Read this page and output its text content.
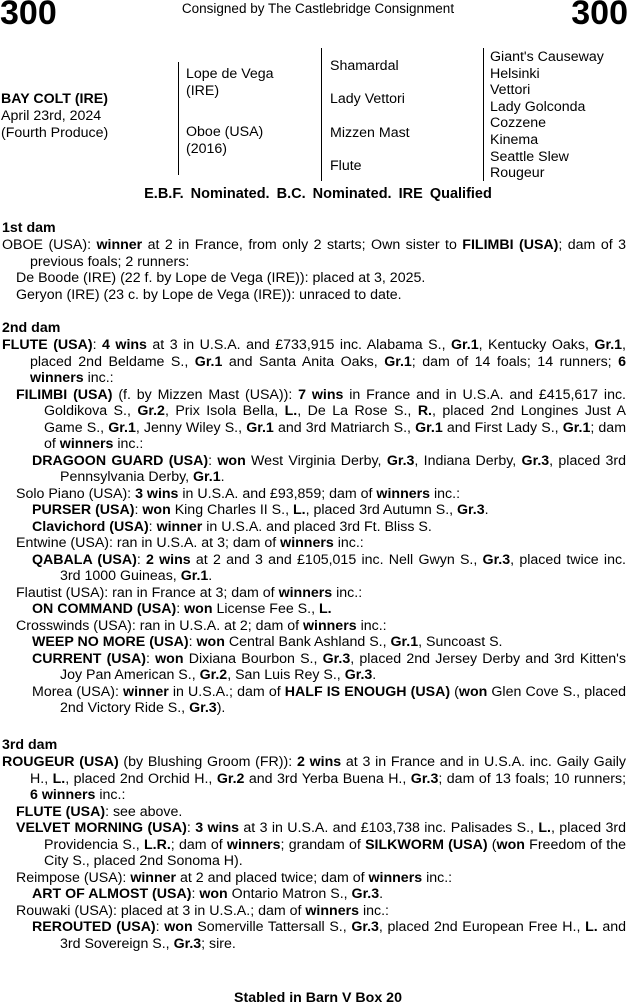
300	Consigned by The Castlebridge Consignment	300
BAY COLT (IRE)
April 23rd, 2024
(Fourth Produce)
Lope de Vega
(IRE)
Oboe (USA)
(2016)
Shamardal
Lady Vettori
Mizzen Mast
Flute
Giant's Causeway
Helsinki
Vettori
Lady Golconda
Cozzene
Kinema
Seattle Slew
Rougeur
E.B.F. Nominated. B.C. Nominated. IRE Qualified
1st dam

OBOE (USA): winner at 2 in France, from only 2 starts; Own sister to FILIMBI (USA); dam of 3 previous foals; 2 runners:

De Boode (IRE) (22 f. by Lope de Vega (IRE)): placed at 3, 2025.

Geryon (IRE) (23 c. by Lope de Vega (IRE)): unraced to date.

2nd dam

FLUTE (USA): 4 wins at 3 in U.S.A. and £733,915 inc. Alabama S., Gr.1, Kentucky Oaks, Gr.1, placed 2nd Beldame S., Gr.1 and Santa Anita Oaks, Gr.1; dam of 14 foals; 14 runners; 6 winners inc.:

FILIMBI (USA) (f. by Mizzen Mast (USA)): 7 wins in France and in U.S.A. and £415,617 inc. Goldikova S., Gr.2, Prix Isola Bella, L., De La Rose S., R., placed 2nd Longines Just A Game S., Gr.1, Jenny Wiley S., Gr.1 and 3rd Matriarch S., Gr.1 and First Lady S., Gr.1; dam of winners inc.:

DRAGOON GUARD (USA): won West Virginia Derby, Gr.3, Indiana Derby, Gr.3, placed 3rd Pennsylvania Derby, Gr.1.

Solo Piano (USA): 3 wins in U.S.A. and £93,859; dam of winners inc.:

PURSER (USA): won King Charles II S., L., placed 3rd Autumn S., Gr.3.

Clavichord (USA): winner in U.S.A. and placed 3rd Ft. Bliss S.

Entwine (USA): ran in U.S.A. at 3; dam of winners inc.:

QABALA (USA): 2 wins at 2 and 3 and £105,015 inc. Nell Gwyn S., Gr.3, placed twice inc. 3rd 1000 Guineas, Gr.1.

Flautist (USA): ran in France at 3; dam of winners inc.:

ON COMMAND (USA): won License Fee S., L.

Crosswinds (USA): ran in U.S.A. at 2; dam of winners inc.:

WEEP NO MORE (USA): won Central Bank Ashland S., Gr.1, Suncoast S.

CURRENT (USA): won Dixiana Bourbon S., Gr.3, placed 2nd Jersey Derby and 3rd Kitten's Joy Pan American S., Gr.2, San Luis Rey S., Gr.3.

Morea (USA): winner in U.S.A.; dam of HALF IS ENOUGH (USA) (won Glen Cove S., placed 2nd Victory Ride S., Gr.3).

3rd dam

ROUGEUR (USA) (by Blushing Groom (FR)): 2 wins at 3 in France and in U.S.A. inc. Gaily Gaily H., L., placed 2nd Orchid H., Gr.2 and 3rd Yerba Buena H., Gr.3; dam of 13 foals; 10 runners; 6 winners inc.:

FLUTE (USA): see above.

VELVET MORNING (USA): 3 wins at 3 in U.S.A. and £103,738 inc. Palisades S., L., placed 3rd Providencia S., L.R.; dam of winners; grandam of SILKWORM (USA) (won Freedom of the City S., placed 2nd Sonoma H).

Reimpose (USA): winner at 2 and placed twice; dam of winners inc.:

ART OF ALMOST (USA): won Ontario Matron S., Gr.3.

Rouwaki (USA): placed at 3 in U.S.A.; dam of winners inc.:

REROUTED (USA): won Somerville Tattersall S., Gr.3, placed 2nd European Free H., L. and 3rd Sovereign S., Gr.3; sire.

Stabled in Barn V Box 20
